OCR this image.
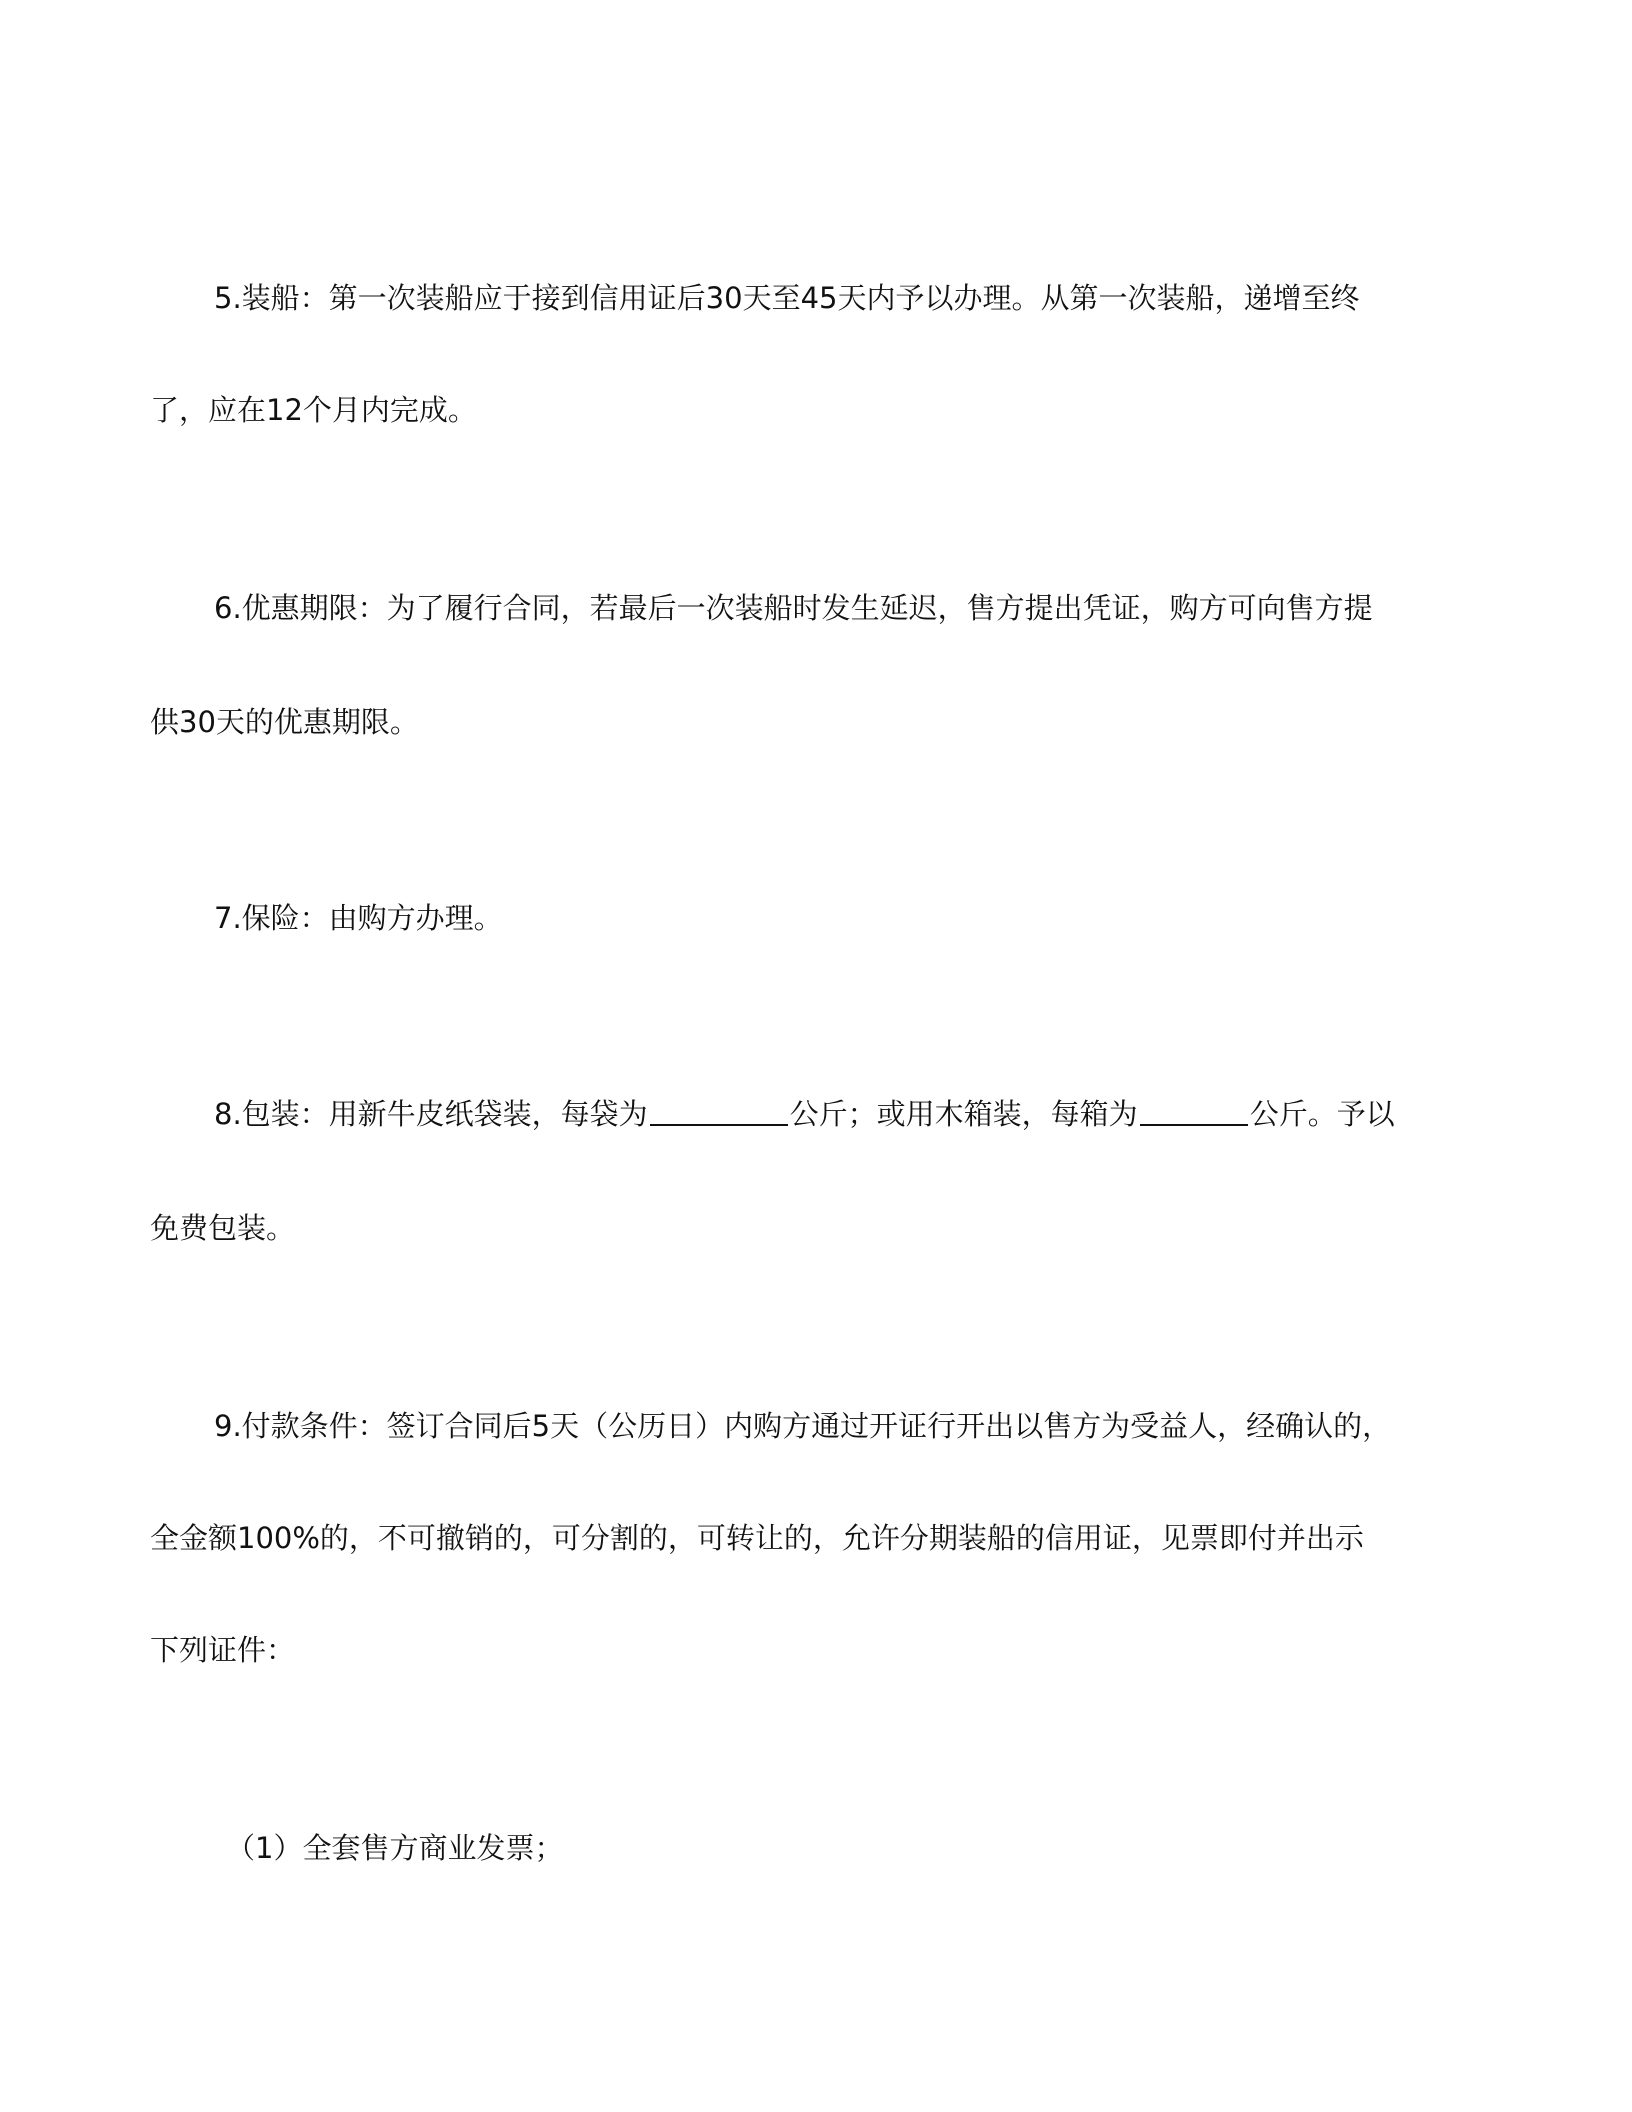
5.装船：第一次装船应于接到信用证后30天至45天内予以办理。从第一次装船，递增至终
了，应在12个月内完成。
6.优惠期限：为了履行合同，若最后一次装船时发生延迟，售方提出凭证，购方可向售方提
供30天的优惠期限。
7.保险：由购方办理。
8.包装：用新牛皮纸袋装，每袋为	公斤；或用木箱装，每箱为	公斤。予以
免费包装。
9.付款条件：签订合同后5天（公历日）内购方通过开证行开出以售方为受益人，经确认的，
全金额100%的，不可撤销的，可分割的，可转让的，允许分期装船的信用证，见票即付并出示
下列证件：
（1）全套售方商业发票；
